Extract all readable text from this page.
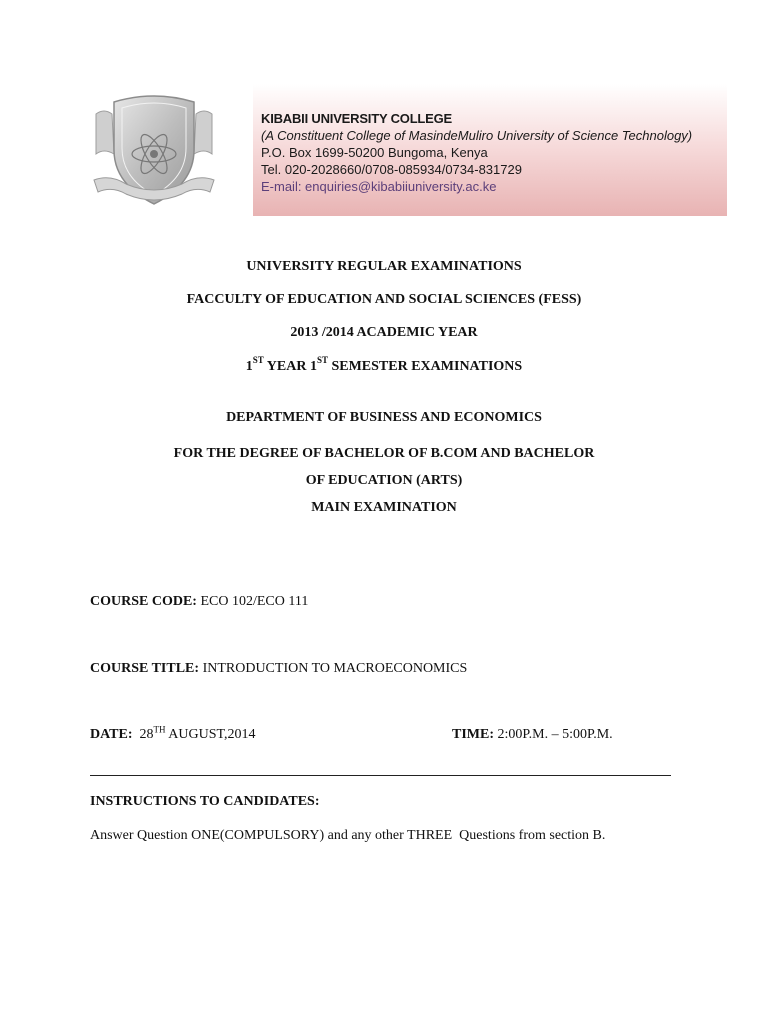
KIBABII UNIVERSITY COLLEGE
(A Constituent College of MasindeMuliro University of Science Technology)
P.O. Box 1699-50200 Bungoma, Kenya
Tel. 020-2028660/0708-085934/0734-831729
E-mail: enquiries@kibabiiuniversity.ac.ke
UNIVERSITY REGULAR EXAMINATIONS
FACCULTY OF EDUCATION AND SOCIAL SCIENCES (FESS)
2013 /2014 ACADEMIC YEAR
1ST YEAR 1ST SEMESTER EXAMINATIONS
DEPARTMENT OF BUSINESS AND ECONOMICS
FOR THE DEGREE OF BACHELOR OF B.COM AND BACHELOR
OF EDUCATION (ARTS)
MAIN EXAMINATION
COURSE CODE: ECO 102/ECO 111
COURSE TITLE: INTRODUCTION TO MACROECONOMICS
DATE: 28TH AUGUST,2014	TIME: 2:00P.M. – 5:00P.M.
INSTRUCTIONS TO CANDIDATES:
Answer Question ONE(COMPULSORY) and any other THREE  Questions from section B.
